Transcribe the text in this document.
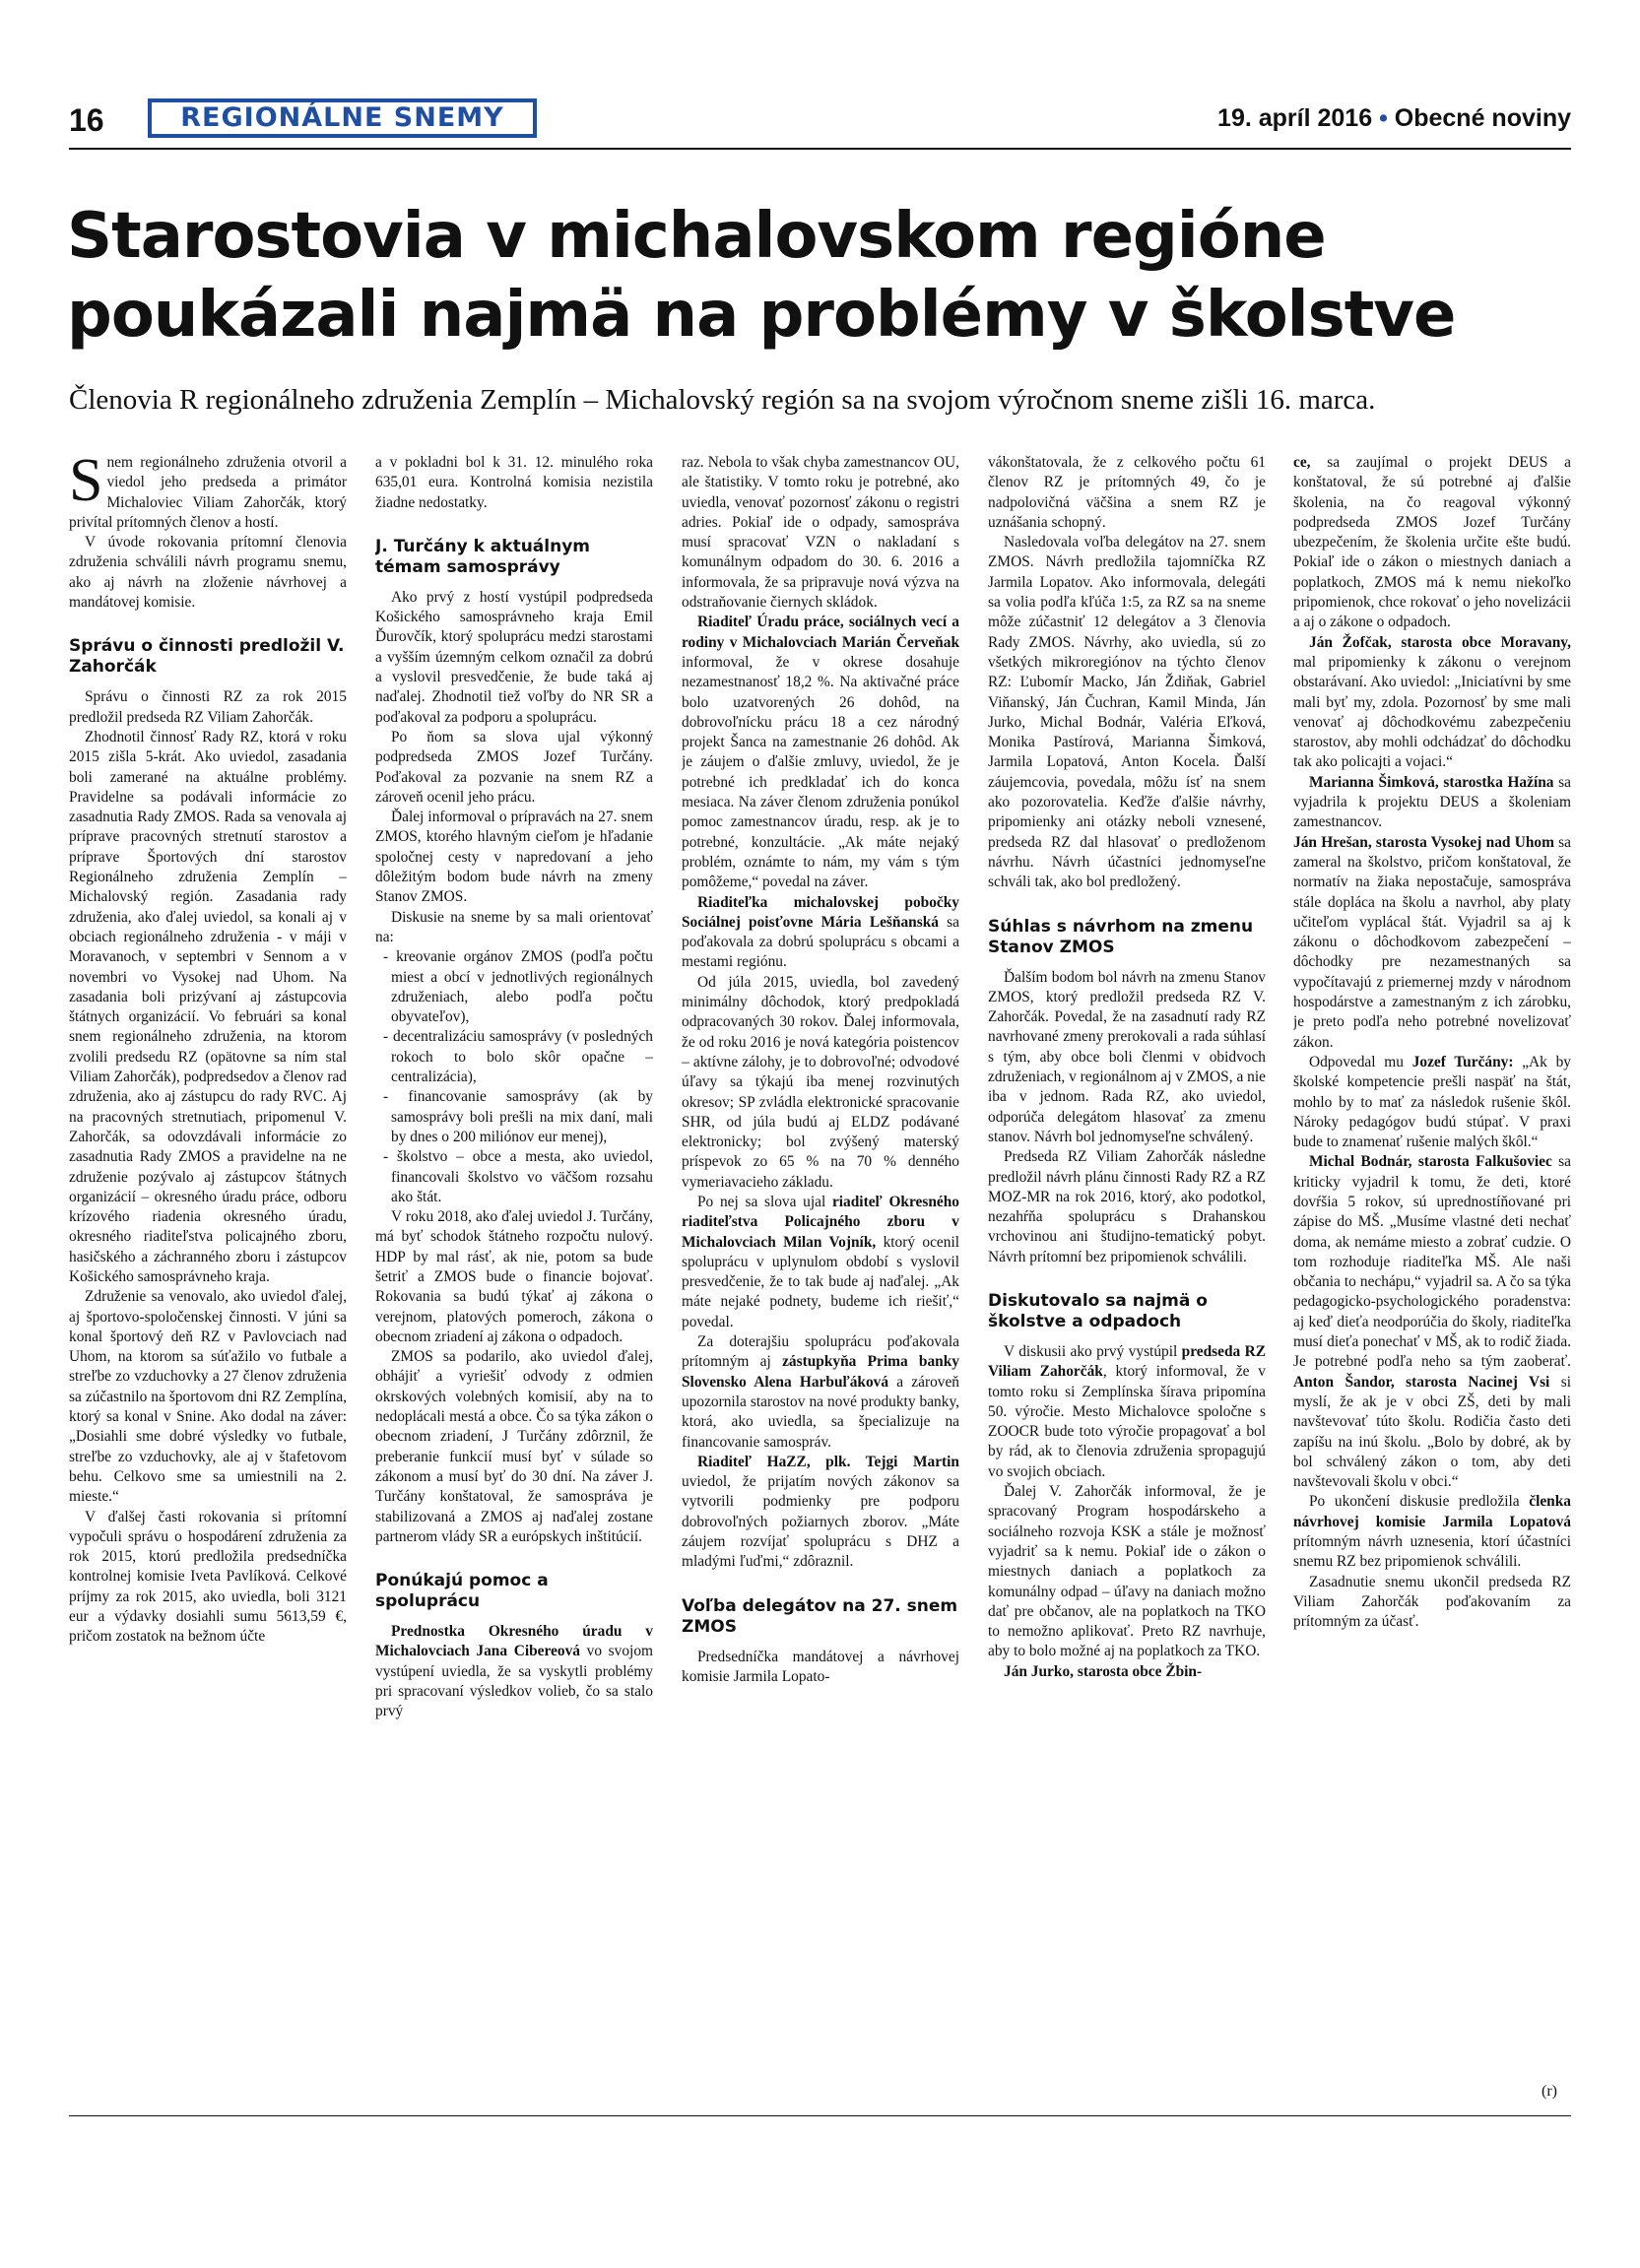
16	REGIONÁLNE SNEMY	19. apríl 2016 • Obecné noviny
Starostovia v michalovskom regióne
poukázali najmä na problémy v školstve
Členovia R regionálneho združenia Zemplín – Michalovský región sa na svojom výročnom sneme zišli 16. marca.

Snem regionálneho združenia otvoril a viedol jeho predseda a primátor Michaloviec Viliam Zahorčák, ktorý privítal prítomných členov a hostí.

V úvode rokovania prítomní členovia združenia schválili návrh programu snemu, ako aj návrh na zloženie návrhovej a mandátovej komisie.

Správu o činnosti predložil V. Zahorčák

Správu o činnosti RZ za rok 2015 predložil predseda RZ Viliam Zahorčák.

Zhodnotil činnosť Rady RZ, ktorá v roku 2015 zišla 5-krát. Ako uviedol, zasadania boli zamerané na aktuálne problémy. Pravidelne sa podávali informácie zo zasadnutia Rady ZMOS. Rada sa venovala aj príprave pracovných stretnutí starostov a príprave Športových dní starostov Regionálneho združenia Zemplín – Michalovský región. Zasadania rady združenia, ako ďalej uviedol, sa konali aj v obciach regionálneho združenia - v máji v Moravanoch, v septembri v Sennom a v novembri vo Vysokej nad Uhom. Na zasadania boli prizývaní aj zástupcovia štátnych organizácií. Vo februári sa konal snem regionálneho združenia, na ktorom zvolili predsedu RZ (opätovne sa ním stal Viliam Zahorčák), podpredsedov a členov rad združenia, ako aj zástupcu do rady RVC. Aj na pracovných stretnutiach, pripomenul V. Zahorčák, sa odovzdávali informácie zo zasadnutia Rady ZMOS a pravidelne na ne združenie pozývalo aj zástupcov štátnych organizácií – okresného úradu práce, odboru krízového riadenia okresného úradu, okresného riaditeľstva policajného zboru, hasičského a záchranného zboru i zástupcov Košického samosprávneho kraja.

Združenie sa venovalo, ako uviedol ďalej, aj športovo-spoločenskej činnosti. V júni sa konal športový deň RZ v Pavlovciach nad Uhom, na ktorom sa súťažilo vo futbale a streľbe zo vzduchovky a 27 členov združenia sa zúčastnilo na športovom dni RZ Zemplína, ktorý sa konal v Snine. Ako dodal na záver: „Dosiahli sme dobré výsledky vo futbale, streľbe zo vzduchovky, ale aj v štafetovom behu. Celkovo sme sa umiestnili na 2. mieste.“

V ďalšej časti rokovania si prítomní vypočuli správu o hospodárení združenia za rok 2015, ktorú predložila predsedníčka kontrolnej komisie Iveta Pavlíková. Celkové príjmy za rok 2015, ako uviedla, boli 3121 eur a výdavky dosiahli sumu 5613,59 €, pričom zostatok na bežnom účte

a v pokladni bol k 31. 12. minulého roka 635,01 eura. Kontrolná komisia nezistila žiadne nedostatky.

J. Turčány k aktuálnym témam samosprávy

Ako prvý z hostí vystúpil podpredseda Košického samosprávneho kraja Emil Ďurovčík, ktorý spoluprácu medzi starostami a vyšším územným celkom označil za dobrú a vyslovil presvedčenie, že bude taká aj naďalej. Zhodnotil tiež voľby do NR SR a poďakoval za podporu a spoluprácu.

Po ňom sa slova ujal výkonný podpredseda ZMOS Jozef Turčány. Poďakoval za pozvanie na snem RZ a zároveň ocenil jeho prácu.

Ďalej informoval o prípravách na 27. snem ZMOS, ktorého hlavným cieľom je hľadanie spoločnej cesty v napredovaní a jeho dôležitým bodom bude návrh na zmeny Stanov ZMOS.

Diskusie na sneme by sa mali orientovať na:

- kreovanie orgánov ZMOS (podľa počtu miest a obcí v jednotlivých regionálnych združeniach, alebo podľa počtu obyvateľov),
- decentralizáciu samosprávy (v posledných rokoch to bolo skôr opačne – centralizácia),
- financovanie samosprávy (ak by samosprávy boli prešli na mix daní, mali by dnes o 200 miliónov eur menej),
- školstvo – obce a mesta, ako uviedol, financovali školstvo vo väčšom rozsahu ako štát.

V roku 2018, ako ďalej uviedol J. Turčány, má byť schodok štátneho rozpočtu nulový. HDP by mal rásť, ak nie, potom sa bude šetriť a ZMOS bude o financie bojovať. Rokovania sa budú týkať aj zákona o verejnom, platových pomeroch, zákona o obecnom zriadení aj zákona o odpadoch.

ZMOS sa podarilo, ako uviedol ďalej, obhájiť a vyriešiť odvody z odmien okrskových volebných komisií, aby na to nedoplácali mestá a obce. Čo sa týka zákon o obecnom zriadení, J Turčány zdôrznil, že preberanie funkcií musí byť v súlade so zákonom a musí byť do 30 dní. Na záver J. Turčány konštatoval, že samospráva je stabilizovaná a ZMOS aj naďalej zostane partnerom vlády SR a európskych inštitúcií.

Ponúkajú pomoc a spoluprácu

Prednostka Okresného úradu v Michalovciach Jana Cibereová vo svojom vystúpení uviedla, že sa vyskytli problémy pri spracovaní výsledkov volieb, čo sa stalo prvý

raz. Nebola to však chyba zamestnancov OU, ale štatistiky. V tomto roku je potrebné, ako uviedla, venovať pozornosť zákonu o registri adries. Pokiaľ ide o odpady, samospráva musí spracovať VZN o nakladaní s komunálnym odpadom do 30. 6. 2016 a informovala, že sa pripravuje nová výzva na odstraňovanie čiernych skládok.

Riaditeľ Úradu práce, sociálnych vecí a rodiny v Michalovciach Marián Červeňak informoval, že v okrese dosahuje nezamestnanosť 18,2 %. Na aktivačné práce bolo uzatvorených 26 dohôd, na dobrovoľnícku prácu 18 a cez národný projekt Šanca na zamestnanie 26 dohôd. Ak je záujem o ďalšie zmluvy, uviedol, že je potrebné ich predkladať ich do konca mesiaca. Na záver členom združenia ponúkol pomoc zamestnancov úradu, resp. ak je to potrebné, konzultácie. „Ak máte nejaký problém, oznámte to nám, my vám s tým pomôžeme,“ povedal na záver.

Riaditeľka michalovskej pobočky Sociálnej poisťovne Mária Lešňanská sa poďakovala za dobrú spoluprácu s obcami a mestami regiónu.

Od júla 2015, uviedla, bol zavedený minimálny dôchodok, ktorý predpokladá odpracovaných 30 rokov. Ďalej informovala, že od roku 2016 je nová kategória poistencov – aktívne zálohy, je to dobrovoľné; odvodové úľavy sa týkajú iba menej rozvinutých okresov; SP zvládla elektronické spracovanie SHR, od júla budú aj ELDZ podávané elektronicky; bol zvýšený materský príspevok zo 65 % na 70 % denného vymeriavacieho základu.

Po nej sa slova ujal riaditeľ Okresného riaditeľstva Policajného zboru v Michalovciach Milan Vojník, ktorý ocenil spoluprácu v uplynulom období s vyslovil presvedčenie, že to tak bude aj naďalej. „Ak máte nejaké podnety, budeme ich riešiť,“ povedal.

Za doterajšiu spoluprácu poďakovala prítomným aj zástupkyňa Prima banky Slovensko Alena Harbuľáková a zároveň upozornila starostov na nové produkty banky, ktorá, ako uviedla, sa špecializuje na financovanie samospráv.

Riaditeľ HaZZ, plk. Tejgi Martin uviedol, že prijatím nových zákonov sa vytvorili podmienky pre podporu dobrovoľných požiarnych zborov. „Máte záujem rozvíjať spoluprácu s DHZ a mladými ľuďmi,“ zdôraznil.

Voľba delegátov na 27. snem ZMOS

Predsedníčka mandátovej a návrhovej komisie Jarmila Lopato-

vákonštatovala, že z celkového počtu 61 členov RZ je prítomných 49, čo je nadpolovičná väčšina a snem RZ je uznášania schopný.

Nasledovala voľba delegátov na 27. snem ZMOS. Návrh predložila tajomníčka RZ Jarmila Lopatov. Ako informovala, delegáti sa volia podľa kľúča 1:5, za RZ sa na sneme môže zúčastniť 12 delegátov a 3 členovia Rady ZMOS. Návrhy, ako uviedla, sú zo všetkých mikroregiónov na týchto členov RZ: Ľubomír Macko, Ján Ždiňak, Gabriel Viňanský, Ján Čuchran, Kamil Minda, Ján Jurko, Michal Bodnár, Valéria Eľková, Monika Pastírová, Marianna Šimková, Jarmila Lopatová, Anton Kocela. Ďalší záujemcovia, povedala, môžu ísť na snem ako pozorovatelia. Keďže ďalšie návrhy, pripomienky ani otázky neboli vznesené, predseda RZ dal hlasovať o predloženom návrhu. Návrh účastníci jednomyseľne schváli tak, ako bol predložený.

Súhlas s návrhom na zmenu Stanov ZMOS

Ďalším bodom bol návrh na zmenu Stanov ZMOS, ktorý predložil predseda RZ V. Zahorčák. Povedal, že na zasadnutí rady RZ navrhované zmeny prerokovali a rada súhlasí s tým, aby obce boli členmi v obidvoch združeniach, v regionálnom aj v ZMOS, a nie iba v jednom. Rada RZ, ako uviedol, odporúča delegátom hlasovať za zmenu stanov. Návrh bol jednomyseľne schválený.

Predseda RZ Viliam Zahorčák následne predložil návrh plánu činnosti Rady RZ a RZ MOZ-MR na rok 2016, ktorý, ako podotkol, nezahŕňa spoluprácu s Drahanskou vrchovinou ani študijno-tematický pobyt. Návrh prítomní bez pripomienok schválili.

Diskutovalo sa najmä o školstve a odpadoch

V diskusii ako prvý vystúpil predseda RZ Viliam Zahorčák, ktorý informoval, že v tomto roku si Zemplínska šírava pripomína 50. výročie. Mesto Michalovce spoločne s ZOOCR bude toto výročie propagovať a bol by rád, ak to členovia združenia spropagujú vo svojich obciach.

Ďalej V. Zahorčák informoval, že je spracovaný Program hospodárskeho a sociálneho rozvoja KSK a stále je možnosť vyjadriť sa k nemu. Pokiaľ ide o zákon o miestnych daniach a poplatkoch za komunálny odpad – úľavy na daniach možno dať pre občanov, ale na poplatkoch na TKO to nemožno aplikovať. Preto RZ navrhuje, aby to bolo možné aj na poplatkoch za TKO.

Ján Jurko, starosta obce Žbin-

ce, sa zaujímal o projekt DEUS a konštatoval, že sú potrebné aj ďalšie školenia, na čo reagoval výkonný podpredseda ZMOS Jozef Turčány ubezpečením, že školenia určite ešte budú. Pokiaľ ide o zákon o miestnych daniach a poplatkoch, ZMOS má k nemu niekoľko pripomienok, chce rokovať o jeho novelizácii a aj o zákone o odpadoch.

Ján Žofčak, starosta obce Moravany, mal pripomienky k zákonu o verejnom obstarávaní. Ako uviedol: „Iniciatívni by sme mali byť my, zdola. Pozornosť by sme mali venovať aj dôchodkovému zabezpečeniu starostov, aby mohli odchádzať do dôchodku tak ako policajti a vojaci.“

Marianna Šimková, starostka Hažína sa vyjadrila k projektu DEUS a školeniam zamestnancov.

Ján Hrešan, starosta Vysokej nad Uhom sa zameral na školstvo, pričom konštatoval, že normatív na žiaka nepostačuje, samospráva stále dopláca na školu a navrhol, aby platy učiteľom vyplácal štát. Vyjadril sa aj k zákonu o dôchodkovom zabezpečení – dôchodky pre nezamestnaných sa vypočítavajú z priemernej mzdy v národnom hospodárstve a zamestnaným z ich zárobku, je preto podľa neho potrebné novelizovať zákon.

Odpovedal mu Jozef Turčány: „Ak by školské kompetencie prešli naspäť na štát, mohlo by to mať za následok rušenie škôl. Nároky pedagógov budú stúpať. V praxi bude to znamenať rušenie malých škôl.“

Michal Bodnár, starosta Falkušoviec sa kriticky vyjadril k tomu, že deti, ktoré dovŕšia 5 rokov, sú uprednostíňované pri zápise do MŠ. „Musíme vlastné deti nechať doma, ak nemáme miesto a zobrať cudzie. O tom rozhoduje riaditeľka MŠ. Ale naši občania to nechápu,“ vyjadril sa. A čo sa týka pedagogicko-psychologického poradenstva: aj keď dieťa neodporúčia do školy, riaditeľka musí dieťa ponechať v MŠ, ak to rodič žiada. Je potrebné podľa neho sa tým zaoberať. Anton Šandor, starosta Nacinej Vsi si myslí, že ak je v obci ZŠ, deti by mali navštevovať túto školu. Rodičia často deti zapíšu na inú školu. „Bolo by dobré, ak by bol schválený zákon o tom, aby deti navštevovali školu v obci.“

Po ukončení diskusie predložila členka návrhovej komisie Jarmila Lopatová prítomným návrh uznesenia, ktorí účastníci snemu RZ bez pripomienok schválili.

Zasadnutie snemu ukončil predseda RZ Viliam Zahorčák poďakovaním za prítomným za účasť.

(r)
